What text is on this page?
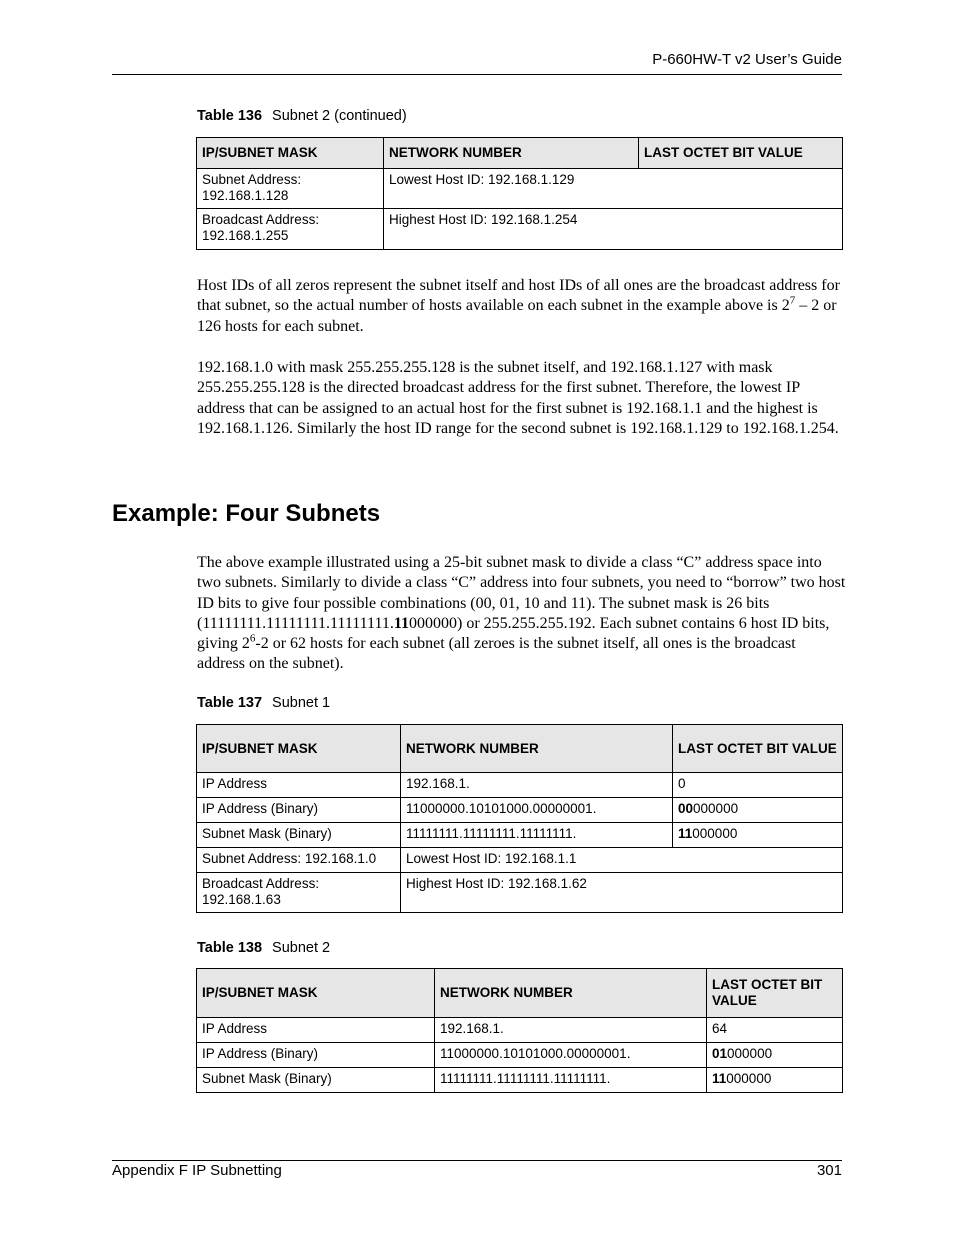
P-660HW-T v2 User’s Guide
Table 136 Subnet 2 (continued)
IP/SUBNET MASK	NETWORK NUMBER	LAST OCTET BIT VALUE
Subnet Address: 192.168.1.128	Lowest Host ID: 192.168.1.129	
Broadcast Address: 192.168.1.255	Highest Host ID: 192.168.1.254	

Host IDs of all zeros represent the subnet itself and host IDs of all ones are the broadcast address for that subnet, so the actual number of hosts available on each subnet in the example above is $2^7 - 2$ or 126 hosts for each subnet.

192.168.1.0 with mask 255.255.255.128 is the subnet itself, and 192.168.1.127 with mask 255.255.255.128 is the directed broadcast address for the first subnet. Therefore, the lowest IP address that can be assigned to an actual host for the first subnet is 192.168.1.1 and the highest is 192.168.1.126. Similarly the host ID range for the second subnet is 192.168.1.129 to 192.168.1.254.

Example: Four Subnets

The above example illustrated using a 25-bit subnet mask to divide a class “C” address space into two subnets. Similarly to divide a class “C” address into four subnets, you need to “borrow” two host ID bits to give four possible combinations (00, 01, 10 and 11). The subnet mask is 26 bits (11111111.11111111.11111111.11000000) or 255.255.255.192. Each subnet contains 6 host ID bits, giving $2^6-2$ or 62 hosts for each subnet (all zeroes is the subnet itself, all ones is the broadcast address on the subnet).

Table 137 Subnet 1
IP/SUBNET MASK	NETWORK NUMBER	LAST OCTET BIT VALUE
IP Address	192.168.1.	0
IP Address (Binary)	11000000.10101000.00000001.	00000000
Subnet Mask (Binary)	11111111.11111111.11111111.	11000000
Subnet Address: 192.168.1.0	Lowest Host ID: 192.168.1.1	
Broadcast Address: 192.168.1.63	Highest Host ID: 192.168.1.62	
Table 138 Subnet 2
IP/SUBNET MASK	NETWORK NUMBER	LAST OCTET BIT VALUE
IP Address	192.168.1.	64
IP Address (Binary)	11000000.10101000.00000001.	01000000
Subnet Mask (Binary)	11111111.11111111.11111111.	11000000
Appendix F IP Subnetting	301
